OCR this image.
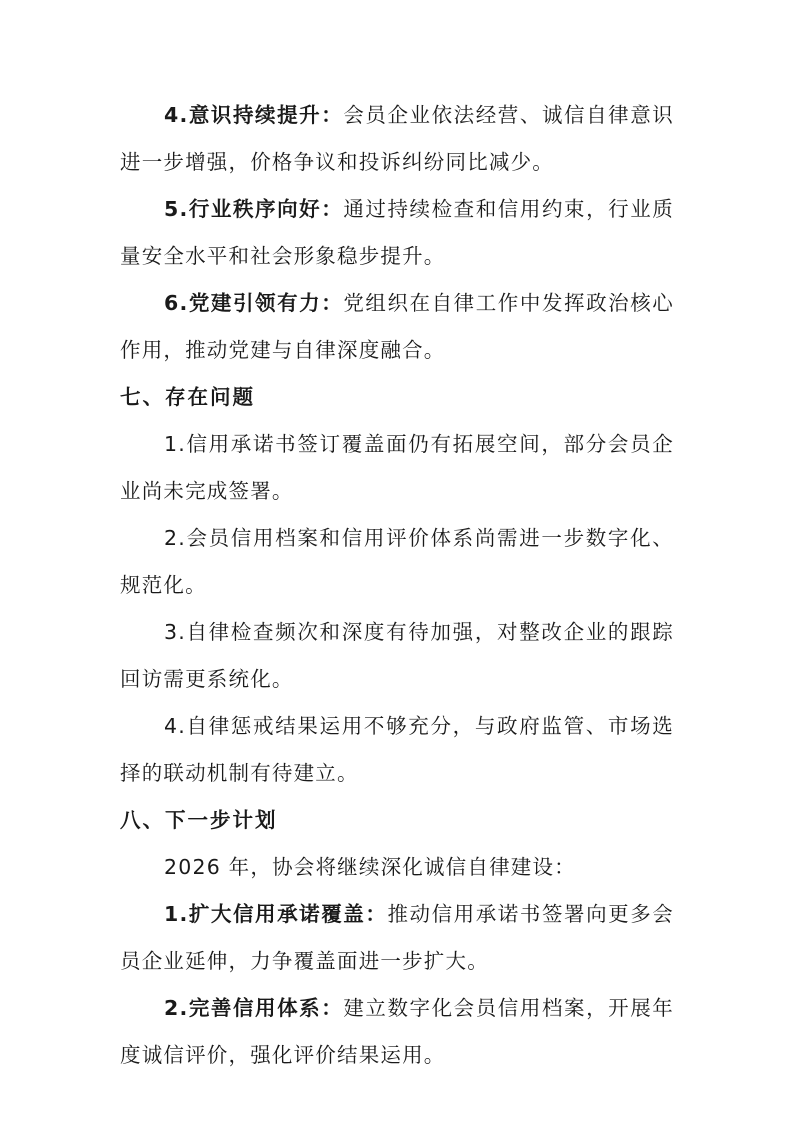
4.意识持续提升：会员企业依法经营、诚信自律意识进一步增强，价格争议和投诉纠纷同比减少。

5.行业秩序向好：通过持续检查和信用约束，行业质量安全水平和社会形象稳步提升。

6.党建引领有力：党组织在自律工作中发挥政治核心作用，推动党建与自律深度融合。

七、存在问题

1.信用承诺书签订覆盖面仍有拓展空间，部分会员企业尚未完成签署。

2.会员信用档案和信用评价体系尚需进一步数字化、规范化。

3.自律检查频次和深度有待加强，对整改企业的跟踪回访需更系统化。

4.自律惩戒结果运用不够充分，与政府监管、市场选择的联动机制有待建立。

八、下一步计划

2026 年，协会将继续深化诚信自律建设：

1.扩大信用承诺覆盖：推动信用承诺书签署向更多会员企业延伸，力争覆盖面进一步扩大。

2.完善信用体系：建立数字化会员信用档案，开展年度诚信评价，强化评价结果运用。
